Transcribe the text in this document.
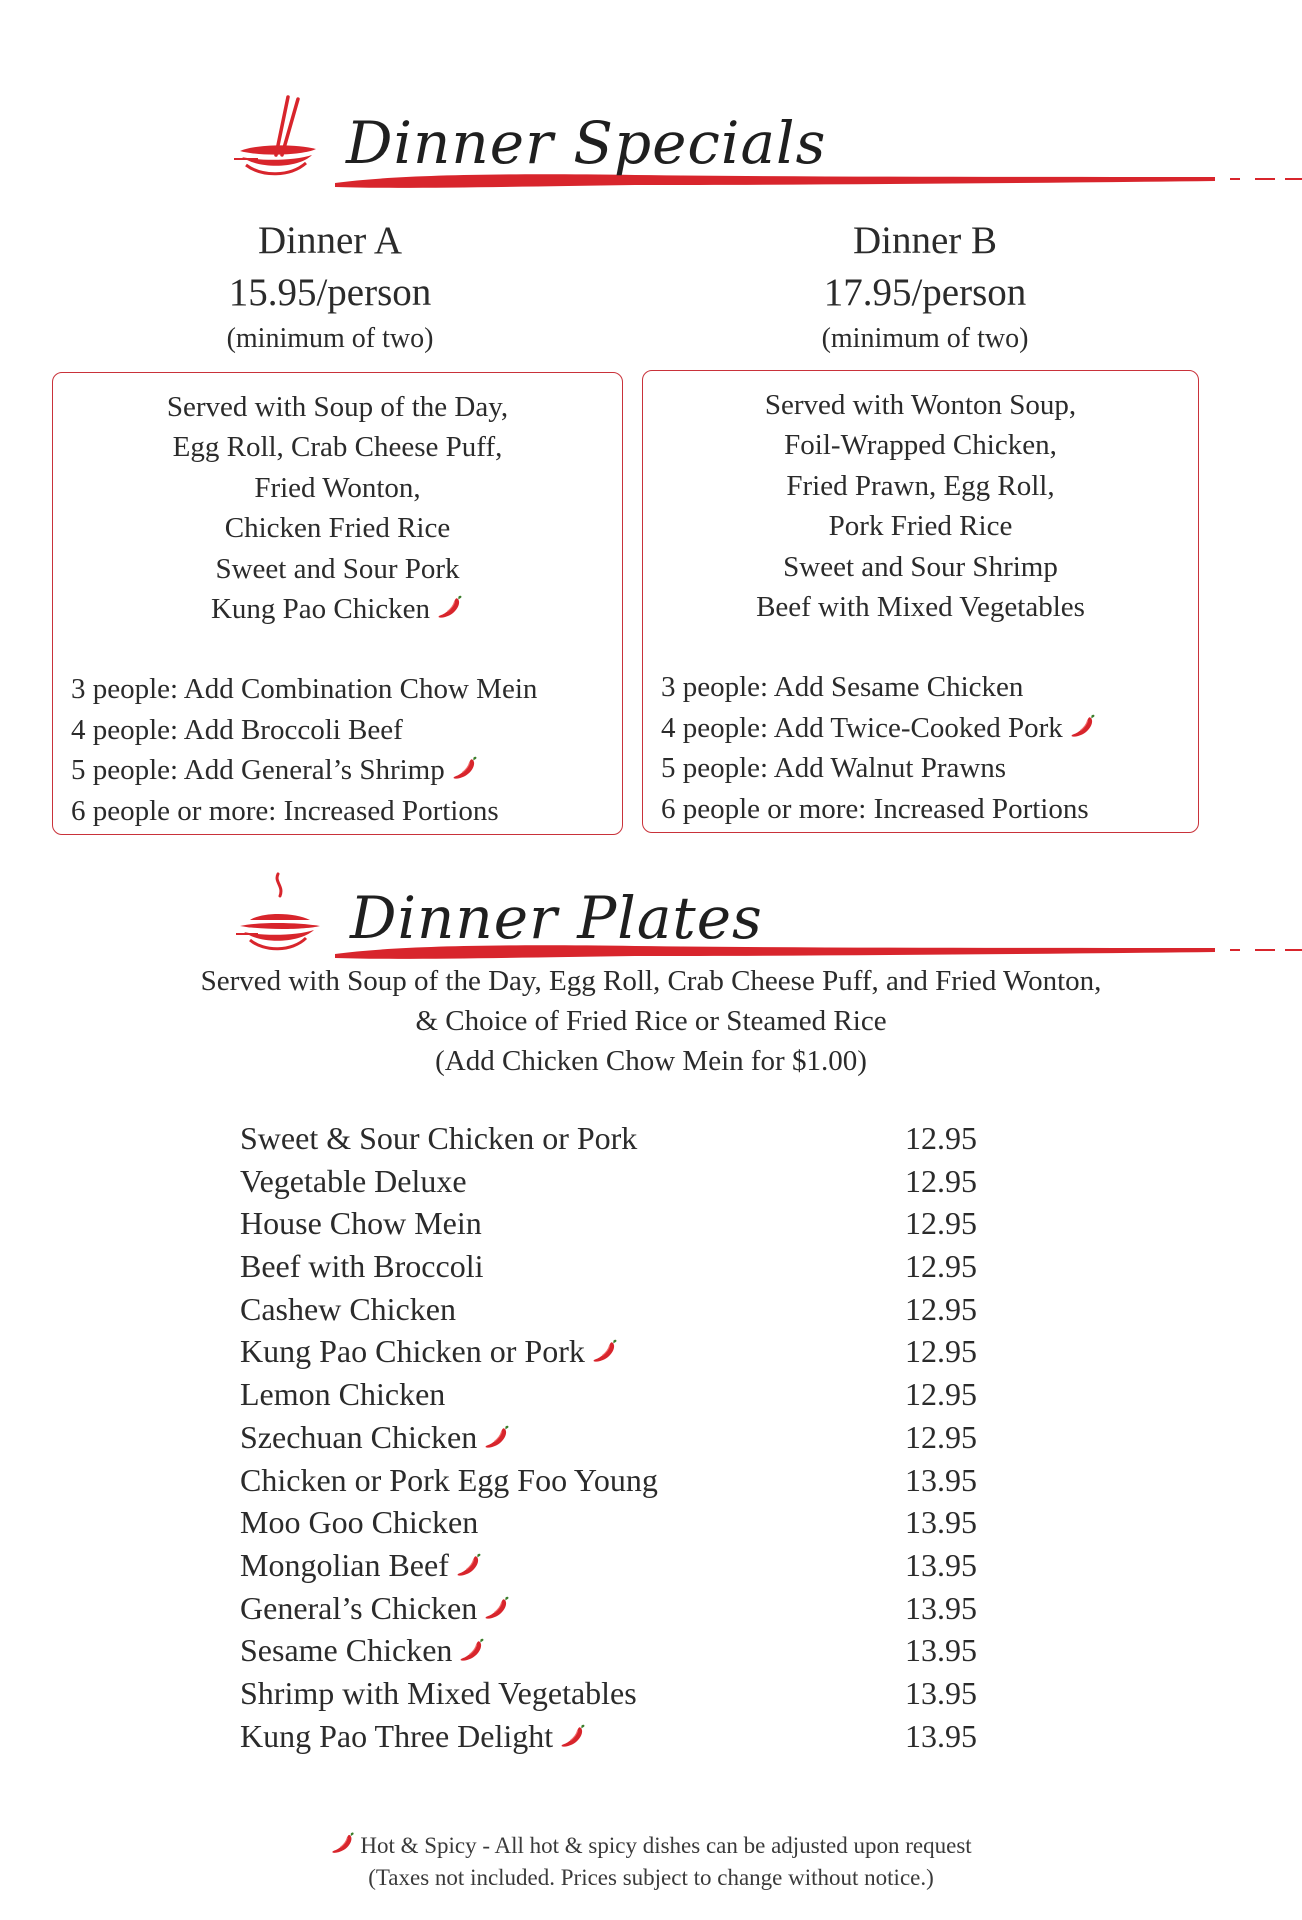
Dinner Specials
Dinner A
15.95/person
(minimum of two)
Served with Soup of the Day,
Egg Roll, Crab Cheese Puff,
Fried Wonton,
Chicken Fried Rice
Sweet and Sour Pork
Kung Pao Chicken
3 people: Add Combination Chow Mein
4 people: Add Broccoli Beef
5 people: Add General’s Shrimp
6 people or more: Increased Portions
Dinner B
17.95/person
(minimum of two)
Served with Wonton Soup,
Foil-Wrapped Chicken,
Fried Prawn, Egg Roll,
Pork Fried Rice
Sweet and Sour Shrimp
Beef with Mixed Vegetables
3 people: Add Sesame Chicken
4 people: Add Twice-Cooked Pork
5 people: Add Walnut Prawns
6 people or more: Increased Portions
Dinner Plates
Served with Soup of the Day, Egg Roll, Crab Cheese Puff, and Fried Wonton,
& Choice of Fried Rice or Steamed Rice
(Add Chicken Chow Mein for $1.00)
Sweet & Sour Chicken or Pork	12.95
Vegetable Deluxe	12.95
House Chow Mein	12.95
Beef with Broccoli	12.95
Cashew Chicken	12.95
Kung Pao Chicken or Pork	12.95
Lemon Chicken	12.95
Szechuan Chicken	12.95
Chicken or Pork Egg Foo Young	13.95
Moo Goo Chicken	13.95
Mongolian Beef	13.95
General’s Chicken	13.95
Sesame Chicken	13.95
Shrimp with Mixed Vegetables	13.95
Kung Pao Three Delight	13.95
Hot & Spicy - All hot & spicy dishes can be adjusted upon request
(Taxes not included. Prices subject to change without notice.)
